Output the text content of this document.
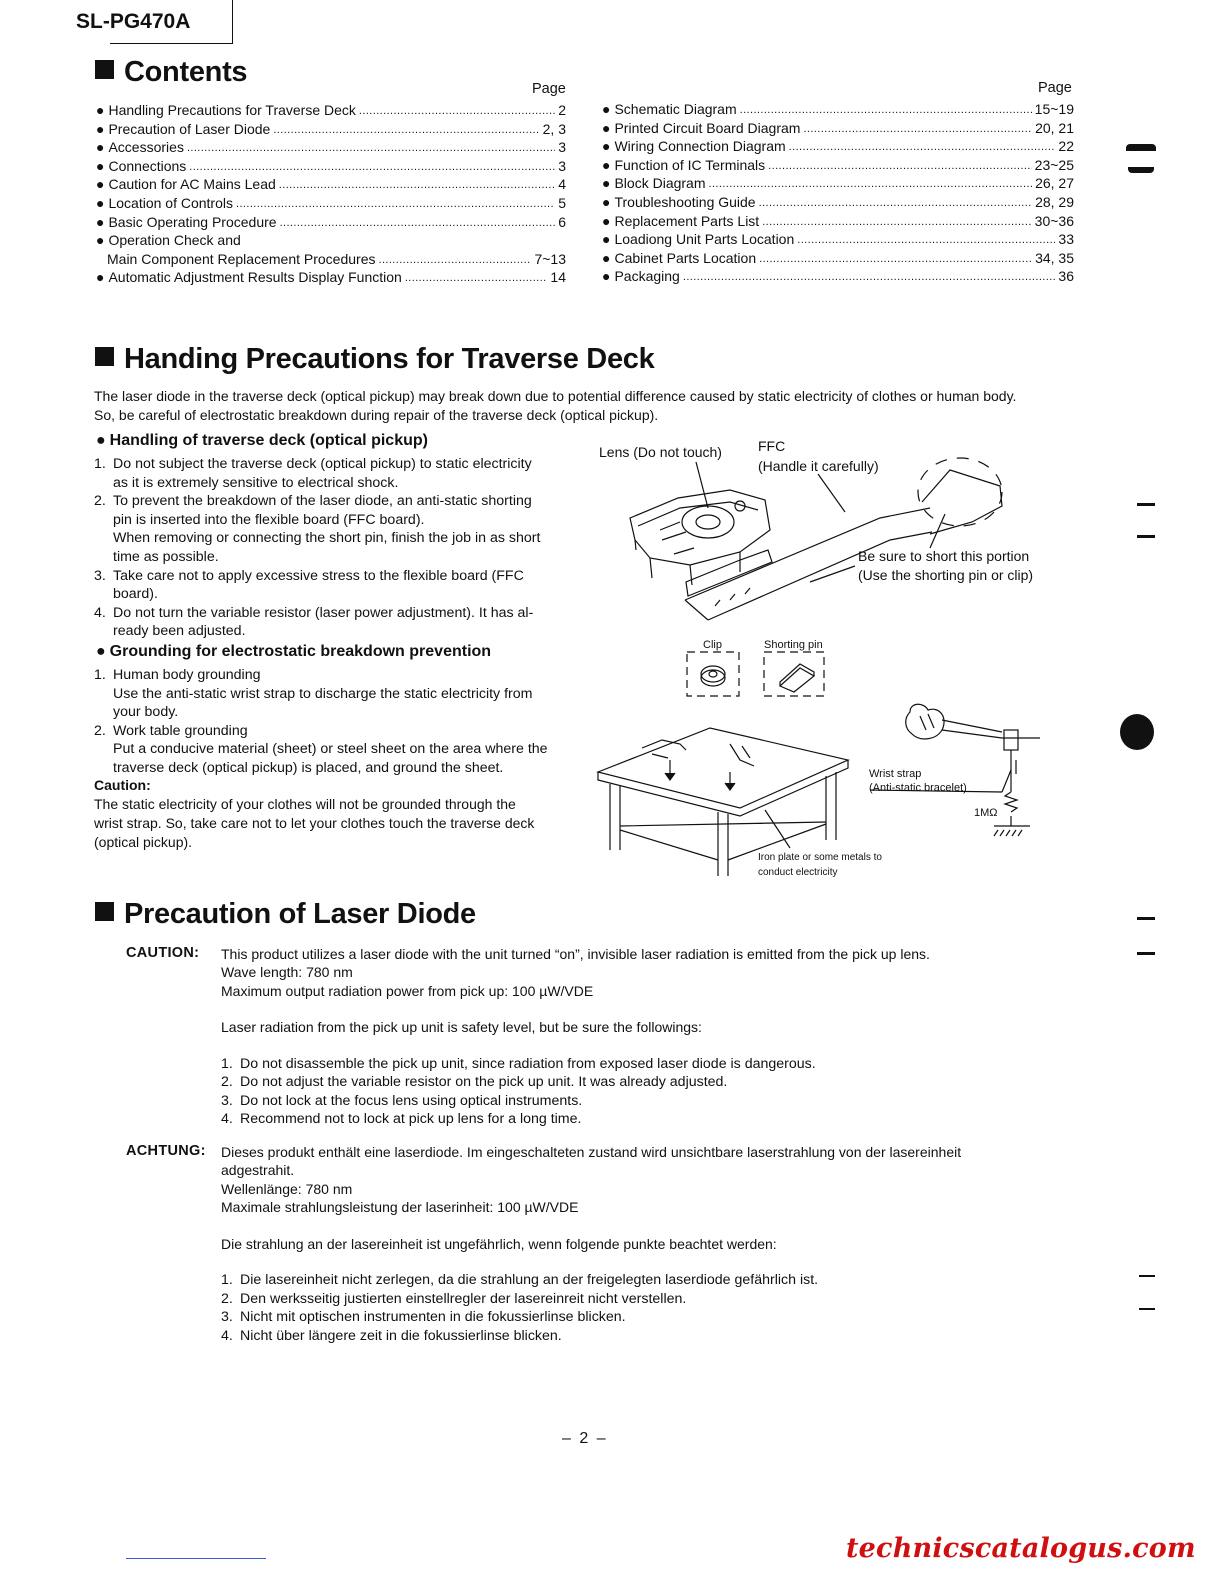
SL-PG470A
Contents
Page	Page
● Handling Precautions for Traverse Deck .....	2
● Precaution of Laser Diode .....	2, 3
● Accessories .....	3
● Connections .....	3
● Caution for AC Mains Lead .....	4
● Location of Controls .....	5
● Basic Operating Procedure .....	6
● Operation Check and
Main Component Replacement Procedures .....	7~13
● Automatic Adjustment Results Display Function .....	14
● Schematic Diagram .....	15~19
● Printed Circuit Board Diagram .....	20, 21
● Wiring Connection Diagram .....	22
● Function of IC Terminals .....	23~25
● Block Diagram .....	26, 27
● Troubleshooting Guide .....	28, 29
● Replacement Parts List .....	30~36
● Loadiong Unit Parts Location .....	33
● Cabinet Parts Location .....	34, 35
● Packaging .....	36
Handing Precautions for Traverse Deck
The laser diode in the traverse deck (optical pickup) may break down due to potential difference caused by static electricity of clothes or human body.
So, be careful of electrostatic breakdown during repair of the traverse deck (optical pickup).
● Handling of traverse deck (optical pickup)
1. Do not subject the traverse deck (optical pickup) to static electricity
as it is extremely sensitive to electrical shock.
2. To prevent the breakdown of the laser diode, an anti-static shorting
pin is inserted into the flexible board (FFC board).
When removing or connecting the short pin, finish the job in as short
time as possible.
3. Take care not to apply excessive stress to the flexible board (FFC
board).
4. Do not turn the variable resistor (laser power adjustment). It has al-
ready been adjusted.
● Grounding for electrostatic breakdown prevention
1. Human body grounding
Use the anti-static wrist strap to discharge the static electricity from
your body.
2. Work table grounding
Put a conducive material (sheet) or steel sheet on the area where the
traverse deck (optical pickup) is placed, and ground the sheet.
Caution:
The static electricity of your clothes will not be grounded through the
wrist strap. So, take care not to let your clothes touch the traverse deck
(optical pickup).
Lens (Do not touch)	FFC
(Handle it carefully)
Be sure to short this portion
(Use the shorting pin or clip)
Clip	Shorting pin
Wrist strap
(Anti-static bracelet)
1MΩ
Iron plate or some metals to
conduct electricity
Precaution of Laser Diode
CAUTION: This product utilizes a laser diode with the unit turned “on”, invisible laser radiation is emitted from the pick up lens.
Wave length: 780 nm
Maximum output radiation power from pick up: 100 µW/VDE
Laser radiation from the pick up unit is safety level, but be sure the followings:
1. Do not disassemble the pick up unit, since radiation from exposed laser diode is dangerous.
2. Do not adjust the variable resistor on the pick up unit. It was already adjusted.
3. Do not lock at the focus lens using optical instruments.
4. Recommend not to lock at pick up lens for a long time.
ACHTUNG: Dieses produkt enthält eine laserdiode. Im eingeschalteten zustand wird unsichtbare laserstrahlung von der lasereinheit
adgestrahit.
Wellenlänge: 780 nm
Maximale strahlungsleistung der laserinheit: 100 µW/VDE
Die strahlung an der lasereinheit ist ungefährlich, wenn folgende punkte beachtet werden:
1. Die lasereinheit nicht zerlegen, da die strahlung an der freigelegten laserdiode gefährlich ist.
2. Den werksseitig justierten einstellregler der lasereinreit nicht verstellen.
3. Nicht mit optischen instrumenten in die fokussierlinse blicken.
4. Nicht über längere zeit in die fokussierlinse blicken.
– 2 –
technicscatalogus.com
